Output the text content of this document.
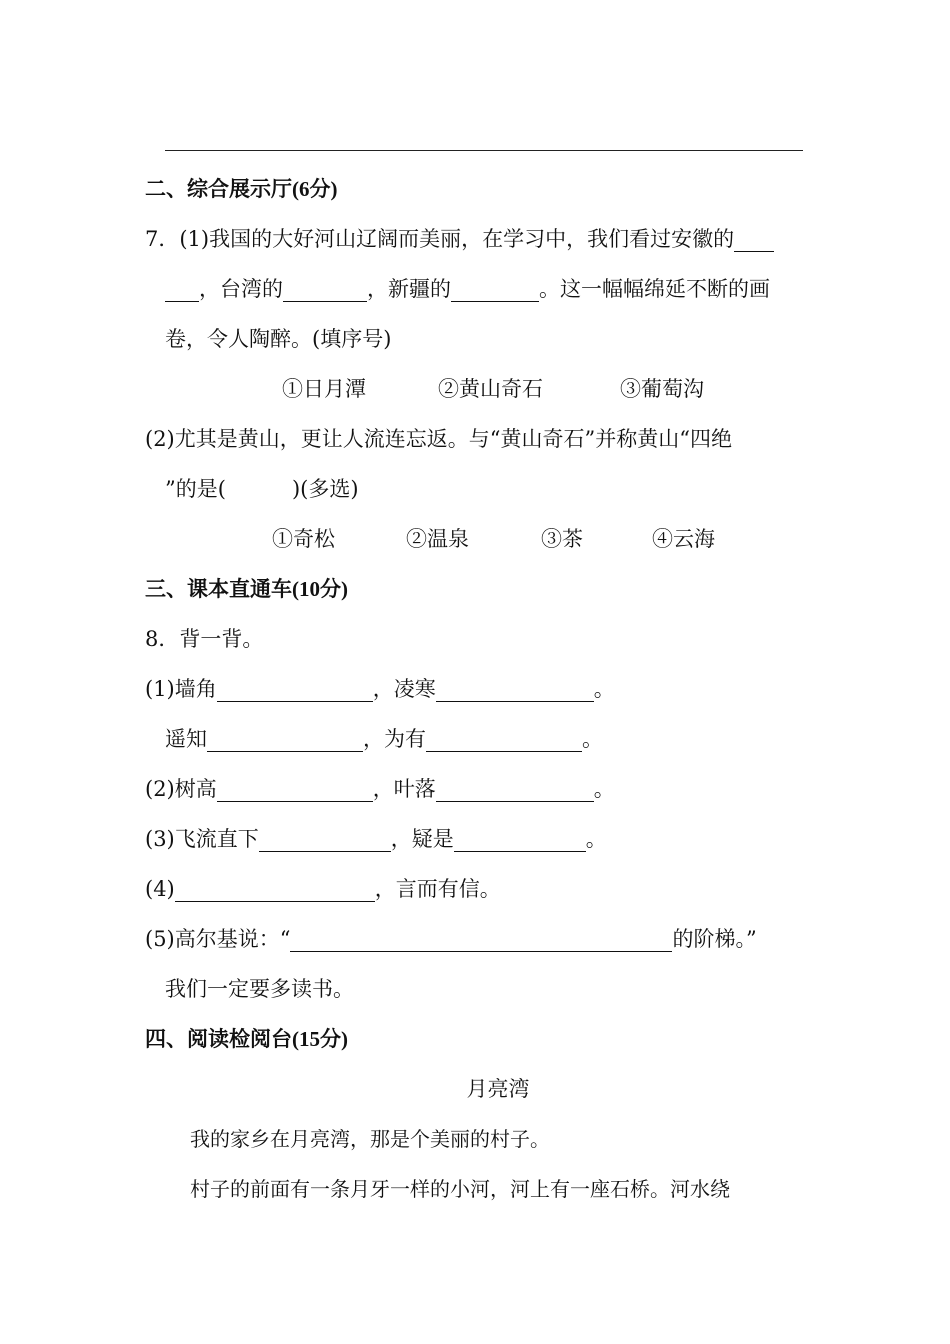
二、综合展示厅(6分)
7．(1)我国的大好河山辽阔而美丽，在学习中，我们看过安徽的
，台湾的	，新疆的	。这一幅幅绵延不断的画
卷，令人陶醉。(填序号)
①日月潭	②黄山奇石	③葡萄沟
(2)尤其是黄山，更让人流连忘返。与“黄山奇石”并称黄山“四绝
”的是(	)(多选)
①奇松	②温泉	③茶	④云海
三、课本直通车(10分)
8．背一背。
(1)墙角	，凌寒	。
遥知	，为有	。
(2)树高	，叶落	。
(3)飞流直下	，疑是	。
(4)	，言而有信。
(5)高尔基说：“	的阶梯。”
我们一定要多读书。
四、阅读检阅台(15分)
月亮湾
我的家乡在月亮湾，那是个美丽的村子。
村子的前面有一条月牙一样的小河，河上有一座石桥。河水绕
